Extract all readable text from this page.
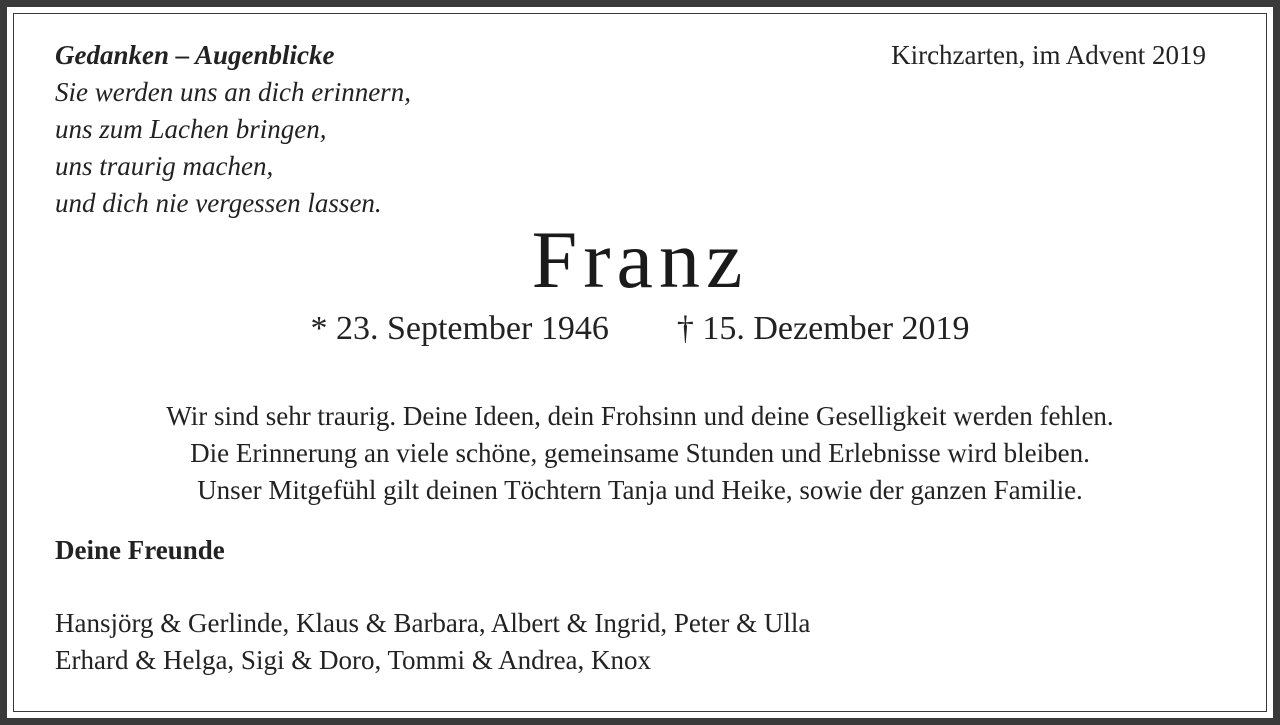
Gedanken – Augenblicke
Sie werden uns an dich erinnern,
uns zum Lachen bringen,
uns traurig machen,
und dich nie vergessen lassen.
Kirchzarten, im Advent 2019
Franz
* 23. September 1946 † 15. Dezember 2019
Wir sind sehr traurig. Deine Ideen, dein Frohsinn und deine Geselligkeit werden fehlen.
Die Erinnerung an viele schöne, gemeinsame Stunden und Erlebnisse wird bleiben.
Unser Mitgefühl gilt deinen Töchtern Tanja und Heike, sowie der ganzen Familie.
Deine Freunde
Hansjörg & Gerlinde, Klaus & Barbara, Albert & Ingrid, Peter & Ulla
Erhard & Helga, Sigi & Doro, Tommi & Andrea, Knox
